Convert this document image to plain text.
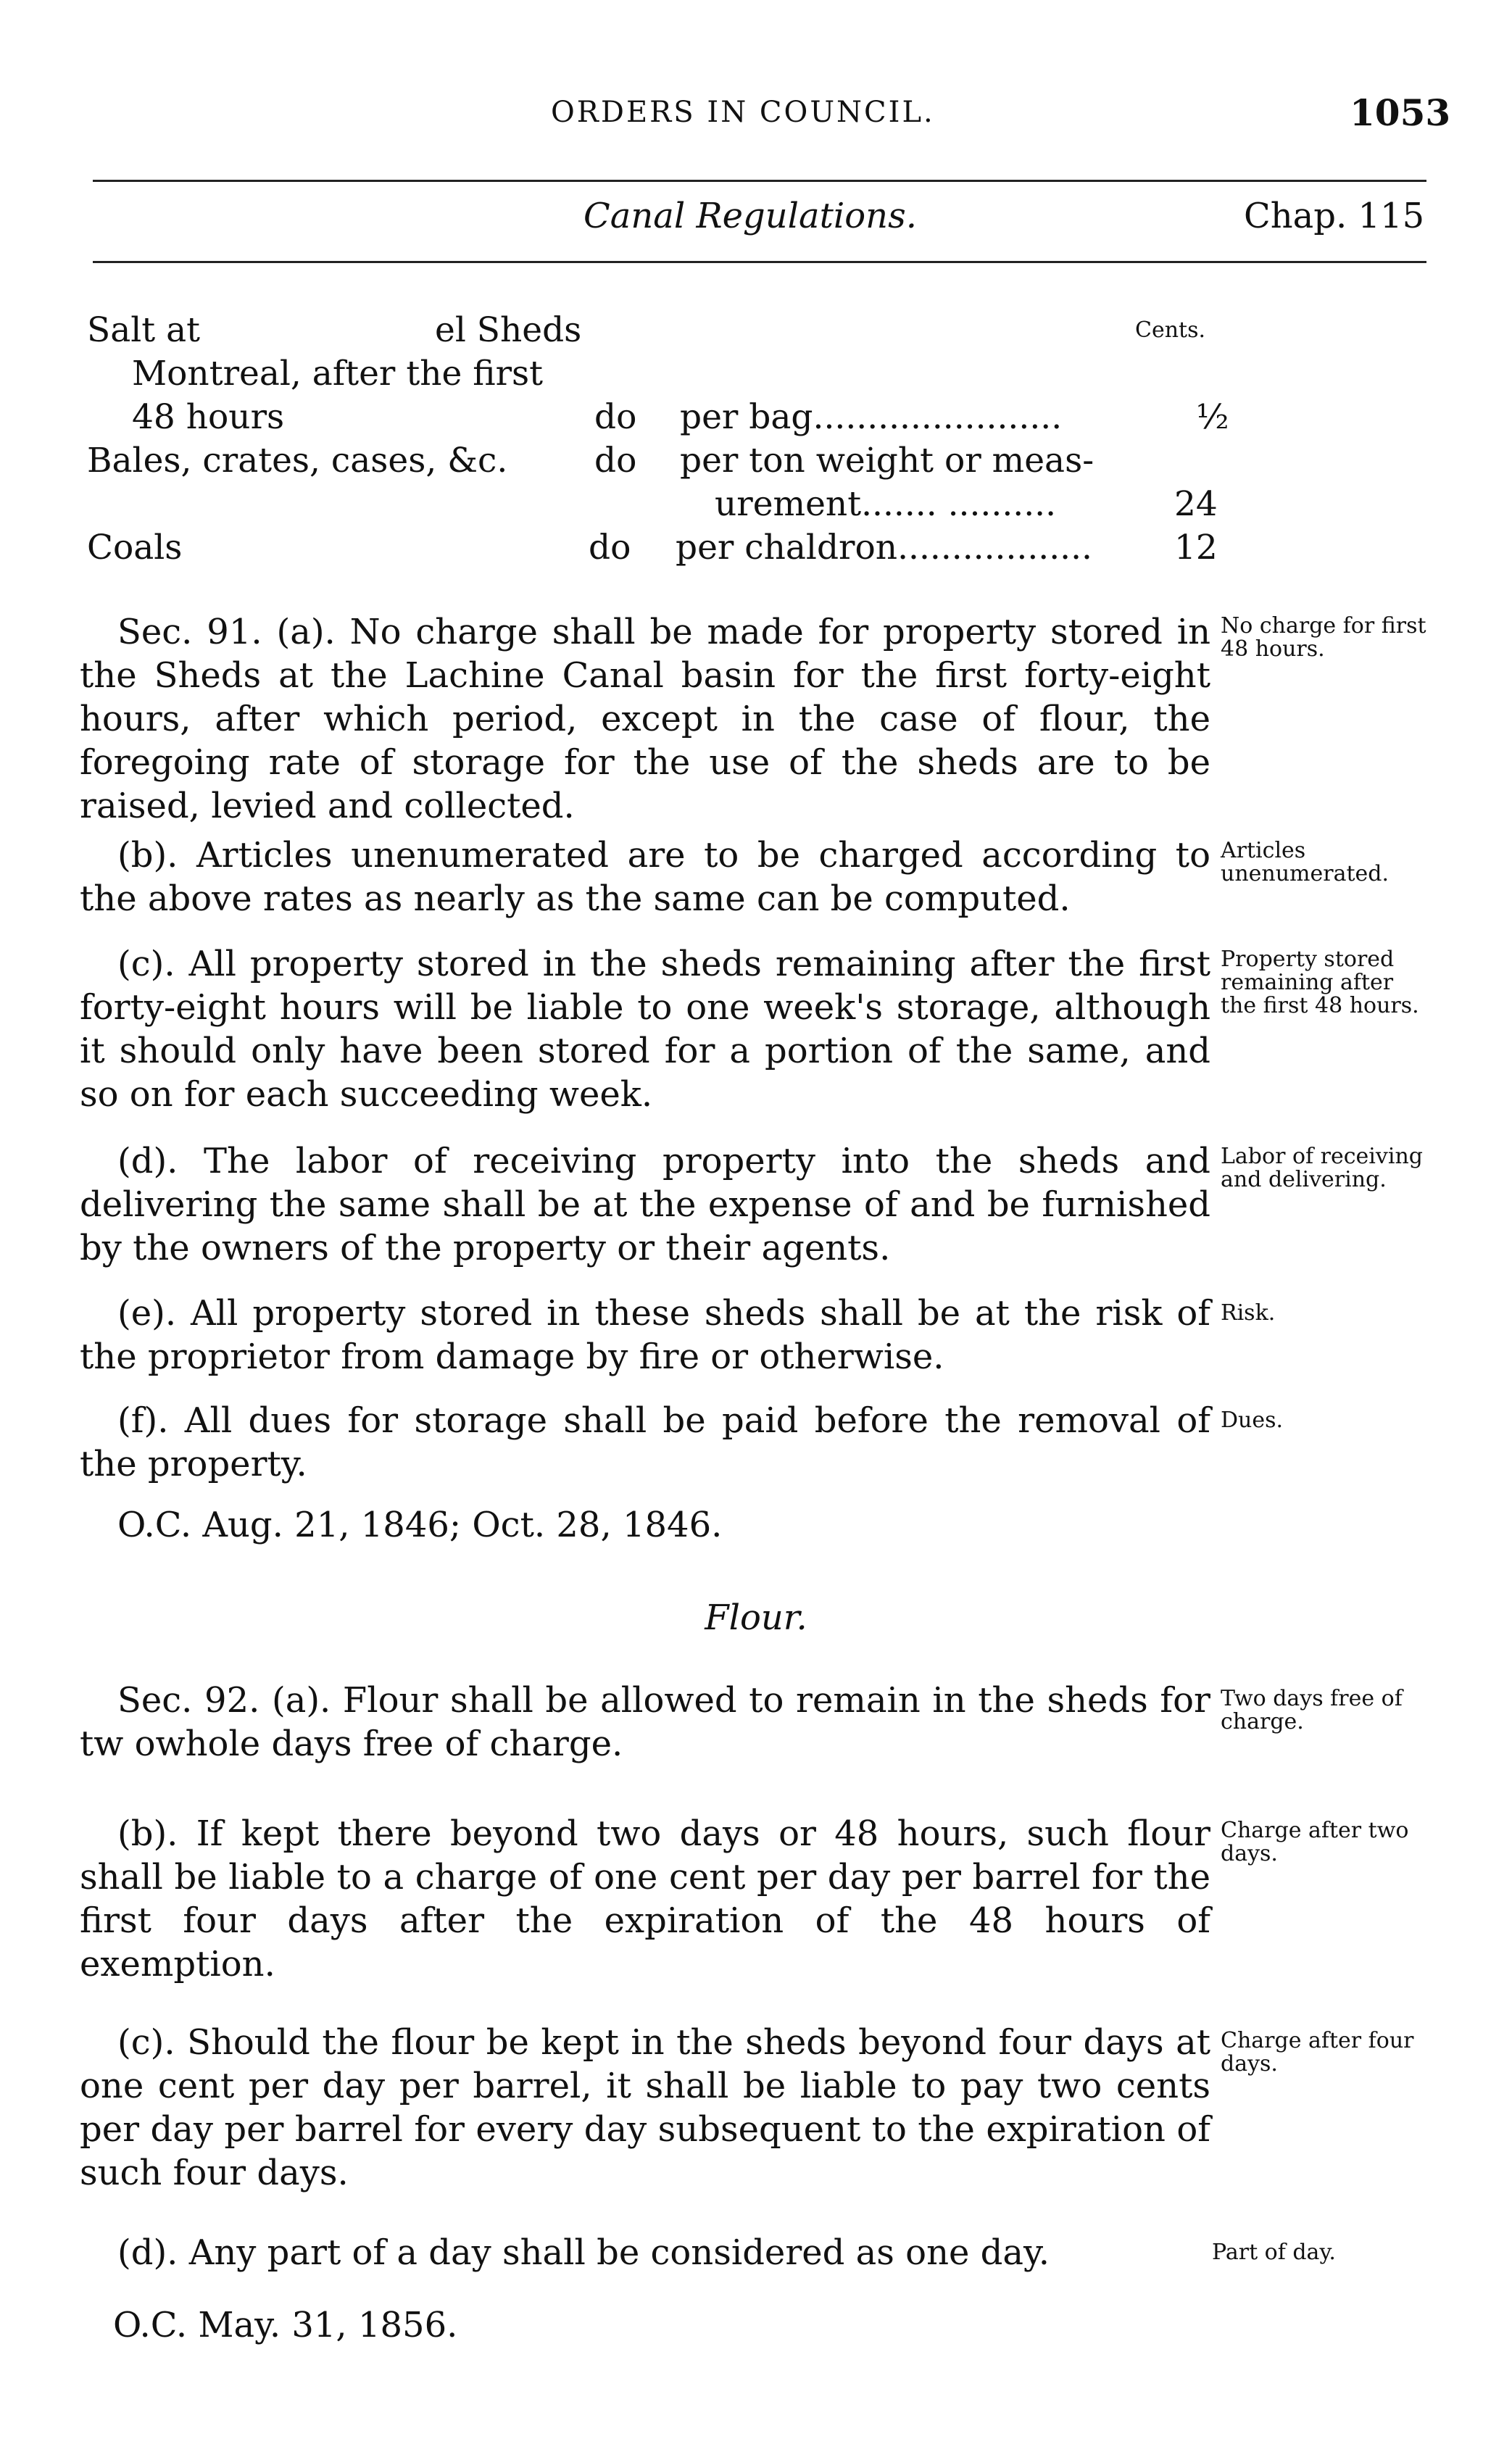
ORDERS IN COUNCIL.	1053
Canal Regulations.	Chap. 115
Cents.
Salt at	el Sheds
Montreal, after the first
48 hours	do per bag.......................	½
Bales, crates, cases, &c.	do per ton weight or meas-
urement....... ..........	24
Coals	do per chaldron.................. 12
Sec. 91. (a). No charge shall be made for property stored in the Sheds at the Lachine Canal basin for the first forty-eight hours, after which period, except in the case of flour, the foregoing rate of storage for the use of the sheds are to be raised, levied and collected.
No charge for first 48 hours.
(b). Articles unenumerated are to be charged according to the above rates as nearly as the same can be computed.
Articles unenumerated.
(c). All property stored in the sheds remaining after the first forty-eight hours will be liable to one week's storage, although it should only have been stored for a portion of the same, and so on for each succeeding week.
Property stored remaining after the first 48 hours.
(d). The labor of receiving property into the sheds and delivering the same shall be at the expense of and be furnished by the owners of the property or their agents.
Labor of receiving and delivering.
(e). All property stored in these sheds shall be at the risk of the proprietor from damage by fire or otherwise.
Risk.
(f). All dues for storage shall be paid before the removal of the property.
Dues.
O.C. Aug. 21, 1846; Oct. 28, 1846.
Flour.
Sec. 92. (a). Flour shall be allowed to remain in the sheds for tw owhole days free of charge.
Two days free of charge.
(b). If kept there beyond two days or 48 hours, such flour shall be liable to a charge of one cent per day per barrel for the first four days after the expiration of the 48 hours of exemption.
Charge after two days.
(c). Should the flour be kept in the sheds beyond four days at one cent per day per barrel, it shall be liable to pay two cents per day per barrel for every day subsequent to the expiration of such four days.
Charge after four days.
(d). Any part of a day shall be considered as one day.	Part of day.
O.C. May. 31, 1856.
